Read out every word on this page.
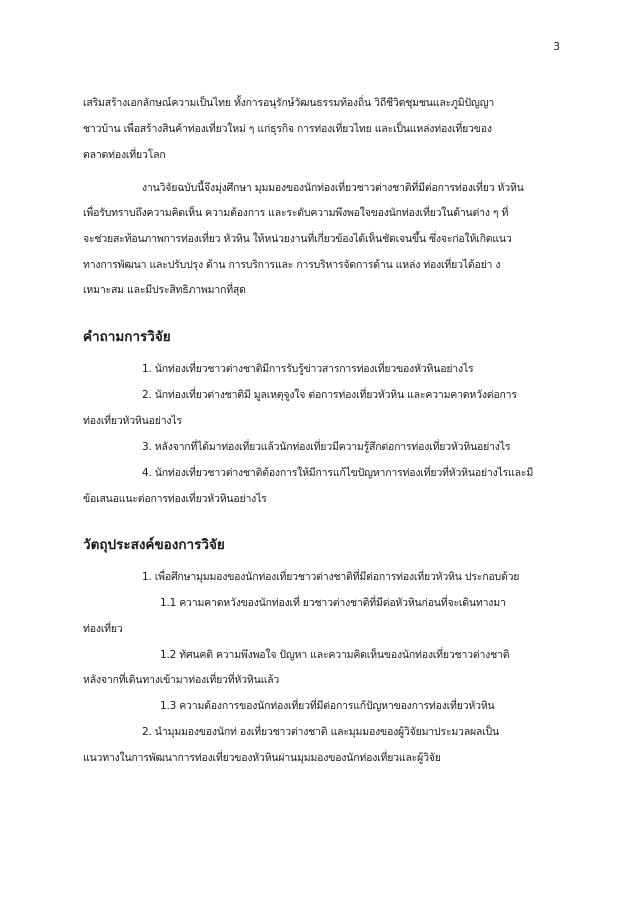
3
เสริมสร้างเอกลักษณ์ความเป็นไทย ทั้งการอนุรักษ์วัฒนธรรมท้องถิ่น วิถีชีวิตชุมชนและภูมิปัญญา
ชาวบ้าน เพื่อสร้างสินค้าท่องเที่ยวใหม่ ๆ แก่ธุรกิจ การท่องเที่ยวไทย และเป็นแหล่งท่องเที่ยวของ
ตลาดท่องเที่ยวโลก
งานวิจัยฉบับนี้จึงมุ่งศึกษา มุมมองของนักท่องเที่ยวชาวต่างชาติที่มีต่อการท่องเที่ยว หัวหิน
เพื่อรับทราบถึงความคิดเห็น ความต้องการ และระดับความพึงพอใจของนักท่องเที่ยวในด้านต่าง ๆ ที่
จะช่วยสะท้อนภาพการท่องเที่ยว หัวหิน ให้หน่วยงานที่เกี่ยวข้องได้เห็นชัดเจนขึ้น ซึ่งจะก่อให้เกิดแนว
ทางการพัฒนา และปรับปรุง ด้าน การบริการและ การบริหารจัดการด้าน แหล่ง ท่องเที่ยวได้อย่า ง
เหมาะสม และมีประสิทธิภาพมากที่สุด
คำถามการวิจัย
1. นักท่องเที่ยวชาวต่างชาติมีการรับรู้ข่าวสารการท่องเที่ยวของหัวหินอย่างไร
2. นักท่องเที่ยวต่างชาติมี มูลเหตุจูงใจ ต่อการท่องเที่ยวหัวหิน และความคาดหวังต่อการ
ท่องเที่ยวหัวหินอย่างไร
3. หลังจากที่ได้มาท่องเที่ยวแล้วนักท่องเที่ยวมีความรู้สึกต่อการท่องเที่ยวหัวหินอย่างไร
4. นักท่องเที่ยวชาวต่างชาติต้องการให้มีการแก้ไขปัญหาการท่องเที่ยวที่หัวหินอย่างไรและมี
ข้อเสนอแนะต่อการท่องเที่ยวหัวหินอย่างไร
วัตถุประสงค์ของการวิจัย
1. เพื่อศึกษามุมมองของนักท่องเที่ยวชาวต่างชาติที่มีต่อการท่องเที่ยวหัวหิน ประกอบด้วย
1.1 ความคาดหวังของนักท่องเที่ ยวชาวต่างชาติที่มีต่อหัวหินก่อนที่จะเดินทางมา
ท่องเที่ยว
1.2 ทัศนคติ ความพึงพอใจ ปัญหา และความคิดเห็นของนักท่องเที่ยวชาวต่างชาติ
หลังจากที่เดินทางเข้ามาท่องเที่ยวที่หัวหินแล้ว
1.3 ความต้องการของนักท่องเที่ยวที่มีต่อการแก้ปัญหาของการท่องเที่ยวหัวหิน
2. นำมุมมองของนักท่ องเที่ยวชาวต่างชาติ และมุมมองของผู้วิจัยมาประมวลผลเป็น
แนวทางในการพัฒนาการท่องเที่ยวของหัวหินผ่านมุมมองของนักท่องเที่ยวและผู้วิจัย
